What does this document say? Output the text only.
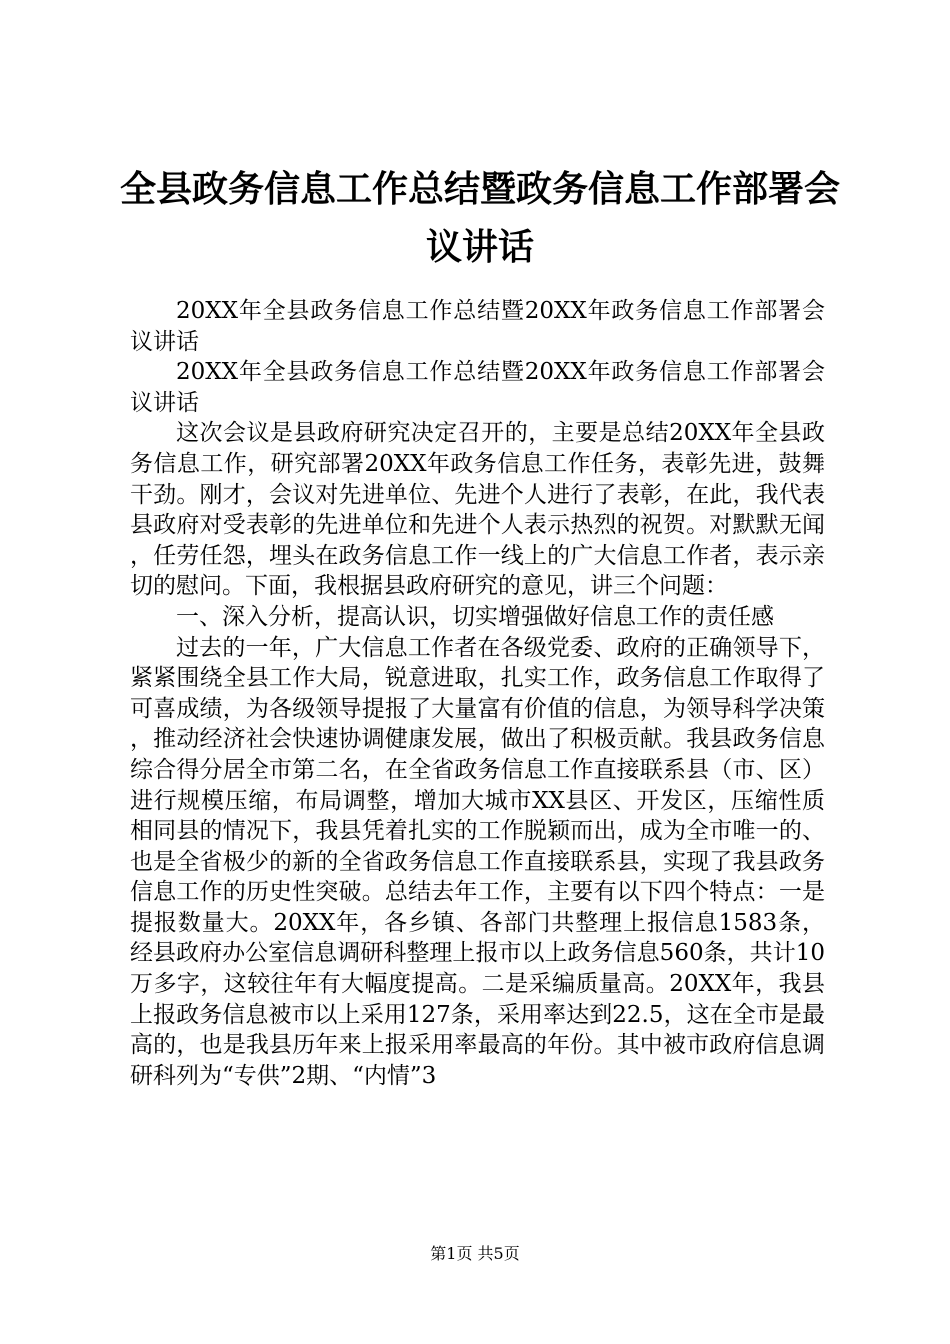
全县政务信息工作总结暨政务信息工作部署会议讲话

20XX年全县政务信息工作总结暨20XX年政务信息工作部署会议讲话

20XX年全县政务信息工作总结暨20XX年政务信息工作部署会议讲话

这次会议是县政府研究决定召开的，主要是总结20XX年全县政务信息工作，研究部署20XX年政务信息工作任务，表彰先进，鼓舞干劲。刚才，会议对先进单位、先进个人进行了表彰，在此，我代表县政府对受表彰的先进单位和先进个人表示热烈的祝贺。对默默无闻，任劳任怨，埋头在政务信息工作一线上的广大信息工作者，表示亲切的慰问。下面，我根据县政府研究的意见，讲三个问题：

一、深入分析，提高认识，切实增强做好信息工作的责任感

过去的一年，广大信息工作者在各级党委、政府的正确领导下，紧紧围绕全县工作大局，锐意进取，扎实工作，政务信息工作取得了可喜成绩，为各级领导提报了大量富有价值的信息，为领导科学决策，推动经济社会快速协调健康发展，做出了积极贡献。我县政务信息综合得分居全市第二名，在全省政务信息工作直接联系县（市、区）进行规模压缩，布局调整，增加大城市XX县区、开发区，压缩性质相同县的情况下，我县凭着扎实的工作脱颖而出，成为全市唯一的、也是全省极少的新的全省政务信息工作直接联系县，实现了我县政务信息工作的历史性突破。总结去年工作，主要有以下四个特点：一是提报数量大。20XX年，各乡镇、各部门共整理上报信息1583条，经县政府办公室信息调研科整理上报市以上政务信息560条，共计10万多字，这较往年有大幅度提高。二是采编质量高。20XX年，我县上报政务信息被市以上采用127条，采用率达到22.5，这在全市是最高的，也是我县历年来上报采用率最高的年份。其中被市政府信息调研科列为“专供”2期、“内情”3

第1页 共5页
